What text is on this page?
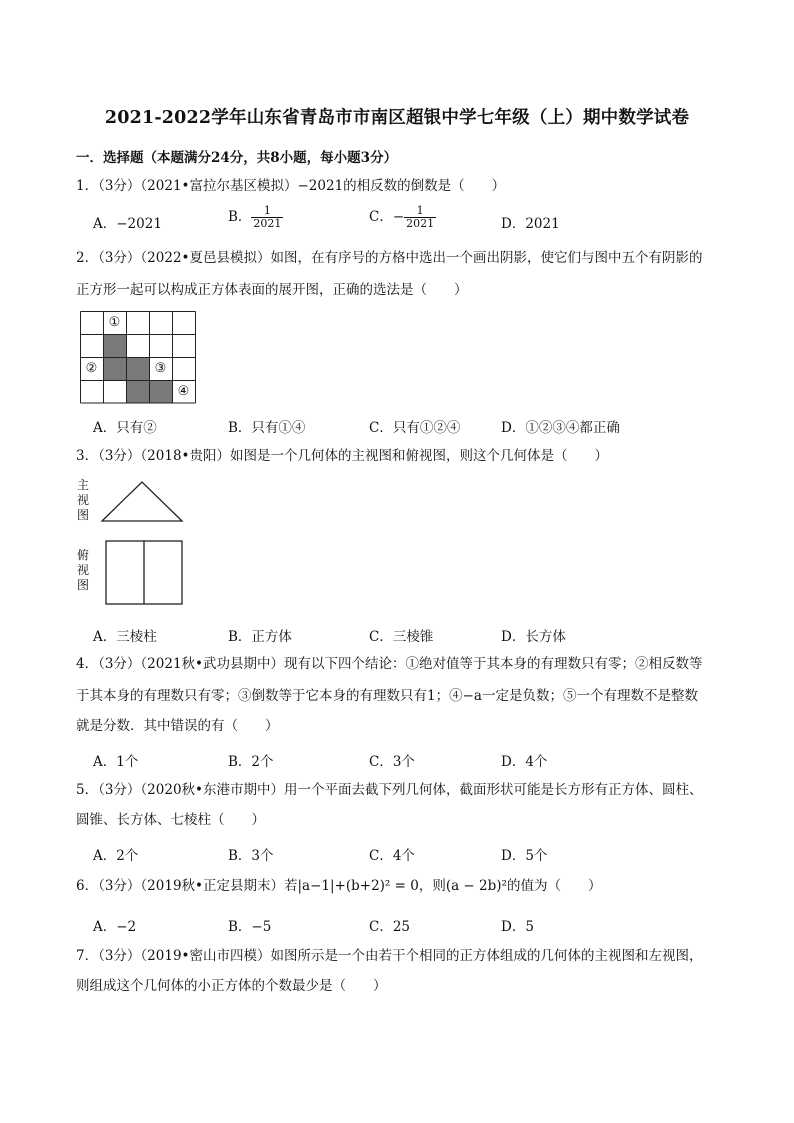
2021-2022学年山东省青岛市市南区超银中学七年级（上）期中数学试卷
一．选择题（本题满分24分，共8小题，每小题3分）
1．（3分）（2021•富拉尔基区模拟）−2021的相反数的倒数是（　　）
A．−2021	B． $\frac{1}{2021}$	C．− $\frac{1}{2021}$	D．2021
2．（3分）（2022•夏邑县模拟）如图，在有序号的方格中选出一个画出阴影，使它们与图中五个有阴影的
正方形一起可以构成正方体表面的展开图，正确的选法是（　　）
①
②	③
④
A．只有②	B．只有①④	C．只有①②④	D．①②③④都正确
3．（3分）（2018•贵阳）如图是一个几何体的主视图和俯视图，则这个几何体是（　　）
主
视
图
俯
视
图
A．三棱柱	B．正方体	C．三棱锥	D．长方体
4．（3分）（2021秋•武功县期中）现有以下四个结论：①绝对值等于其本身的有理数只有零；②相反数等
于其本身的有理数只有零；③倒数等于它本身的有理数只有1；④−a一定是负数；⑤一个有理数不是整数
就是分数．其中错误的有（　　）
A．1个	B．2个	C．3个	D．4个
5．（3分）（2020秋•东港市期中）用一个平面去截下列几何体，截面形状可能是长方形有正方体、圆柱、
圆锥、长方体、七棱柱（　　）
A．2个	B．3个	C．4个	D．5个
6．（3分）（2019秋•正定县期末）若|a−1|+(b+2)² = 0，则(a − 2b)²的值为（　　）
A．−2	B．−5	C．25	D．5
7．（3分）（2019•密山市四模）如图所示是一个由若干个相同的正方体组成的几何体的主视图和左视图，
则组成这个几何体的小正方体的个数最少是（　　）
